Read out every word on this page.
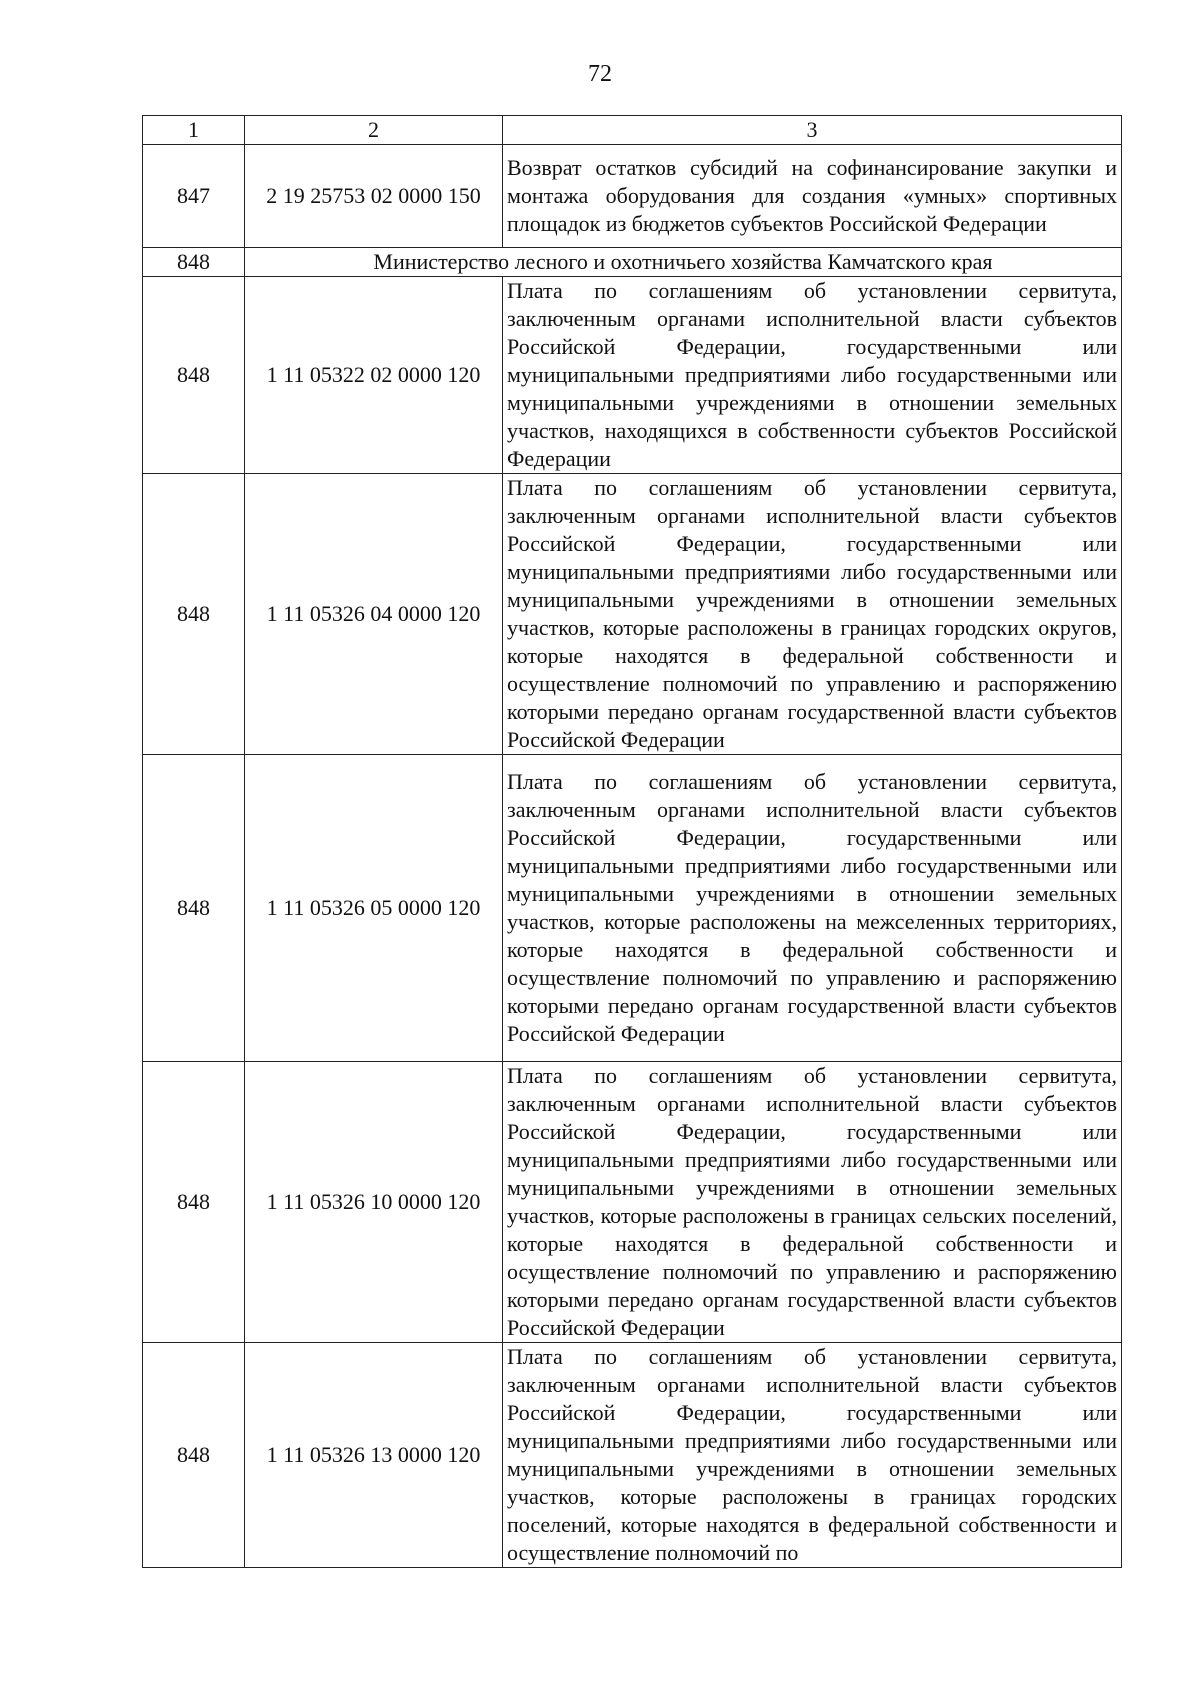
72
1	2	3
847	2 19 25753 02 0000 150	Возврат остатков субсидий на софинансирование закупки и монтажа оборудования для создания «умных» спортивных площадок из бюджетов субъектов Российской Федерации
848	Министерство лесного и охотничьего хозяйства Камчатского края	
848	1 11 05322 02 0000 120	Плата по соглашениям об установлении сервитута, заключенным органами исполнительной власти субъектов Российской Федерации, государственными или муниципальными предприятиями либо государственными или муниципальными учреждениями в отношении земельных участков, находящихся в собственности субъектов Российской Федерации
848	1 11 05326 04 0000 120	Плата по соглашениям об установлении сервитута, заключенным органами исполнительной власти субъектов Российской Федерации, государственными или муниципальными предприятиями либо государственными или муниципальными учреждениями в отношении земельных участков, которые расположены в границах городских округов, которые находятся в федеральной собственности и осуществление полномочий по управлению и распоряжению которыми передано органам государственной власти субъектов Российской Федерации
848	1 11 05326 05 0000 120	Плата по соглашениям об установлении сервитута, заключенным органами исполнительной власти субъектов Российской Федерации, государственными или муниципальными предприятиями либо государственными или муниципальными учреждениями в отношении земельных участков, которые расположены на межселенных территориях, которые находятся в федеральной собственности и осуществление полномочий по управлению и распоряжению которыми передано органам государственной власти субъектов Российской Федерации
848	1 11 05326 10 0000 120	Плата по соглашениям об установлении сервитута, заключенным органами исполнительной власти субъектов Российской Федерации, государственными или муниципальными предприятиями либо государственными или муниципальными учреждениями в отношении земельных участков, которые расположены в границах сельских поселений, которые находятся в федеральной собственности и осуществление полномочий по управлению и распоряжению которыми передано органам государственной власти субъектов Российской Федерации
848	1 11 05326 13 0000 120	Плата по соглашениям об установлении сервитута, заключенным органами исполнительной власти субъектов Российской Федерации, государственными или муниципальными предприятиями либо государственными или муниципальными учреждениями в отношении земельных участков, которые расположены в границах городских поселений, которые находятся в федеральной собственности и осуществление полномочий по
